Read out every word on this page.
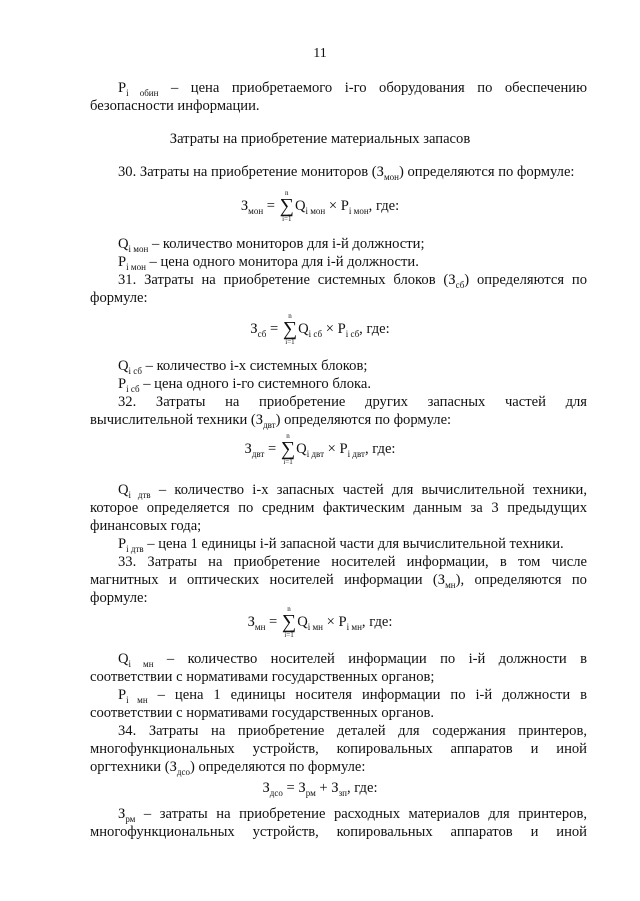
11
$P_{i обин}$ – цена приобретаемого i-го оборудования по обеспечению
безопасности информации.
Затраты на приобретение материальных запасов
30. Затраты на приобретение мониторов $(З_{мон})$ определяются по формуле:
$З_{мон}$ =
n
∑
i=1
$Q_{i мон} \times P_{i мон}$, где:
$Q_{i мон}$ – количество мониторов для i-й должности;
$P_{i мон}$ – цена одного монитора для i-й должности.
31. Затраты на приобретение системных блоков $(З_{сб})$ определяются по
формуле:
$З_{сб}$ =
n
∑
i=1
$Q_{i сб} \times P_{i сб}$, где:
$Q_{i сб}$ – количество i-х системных блоков;
$P_{i сб}$ – цена одного i-го системного блока.
32. Затраты на приобретение других запасных частей для
вычислительной техники $(З_{двт})$ определяются по формуле:
$З_{двт}$ =
n
∑
i=1
$Q_{i двт} \times P_{i двт}$, где:
$Q_{i дтв}$ – количество i-х запасных частей для вычислительной техники,
которое определяется по средним фактическим данным за 3 предыдущих
финансовых года;
$P_{i дтв}$ – цена 1 единицы i-й запасной части для вычислительной техники.
33. Затраты на приобретение носителей информации, в том числе
магнитных и оптических носителей информации $(З_{мн})$, определяются по
формуле:
$З_{мн}$ =
n
∑
i=1
$Q_{i мн} \times P_{i мн}$, где:
$Q_{i мн}$ – количество носителей информации по i-й должности в
соответствии с нормативами государственных органов;
$P_{i мн}$ – цена 1 единицы носителя информации по i-й должности в
соответствии с нормативами государственных органов.
34. Затраты на приобретение деталей для содержания принтеров,
многофункциональных устройств, копировальных аппаратов и иной
оргтехники $(З_{дсо})$ определяются по формуле:
$З_{дсо} = З_{рм} + З_{зп}$, где:
$З_{рм}$ – затраты на приобретение расходных материалов для принтеров,
многофункциональных устройств, копировальных аппаратов и иной
